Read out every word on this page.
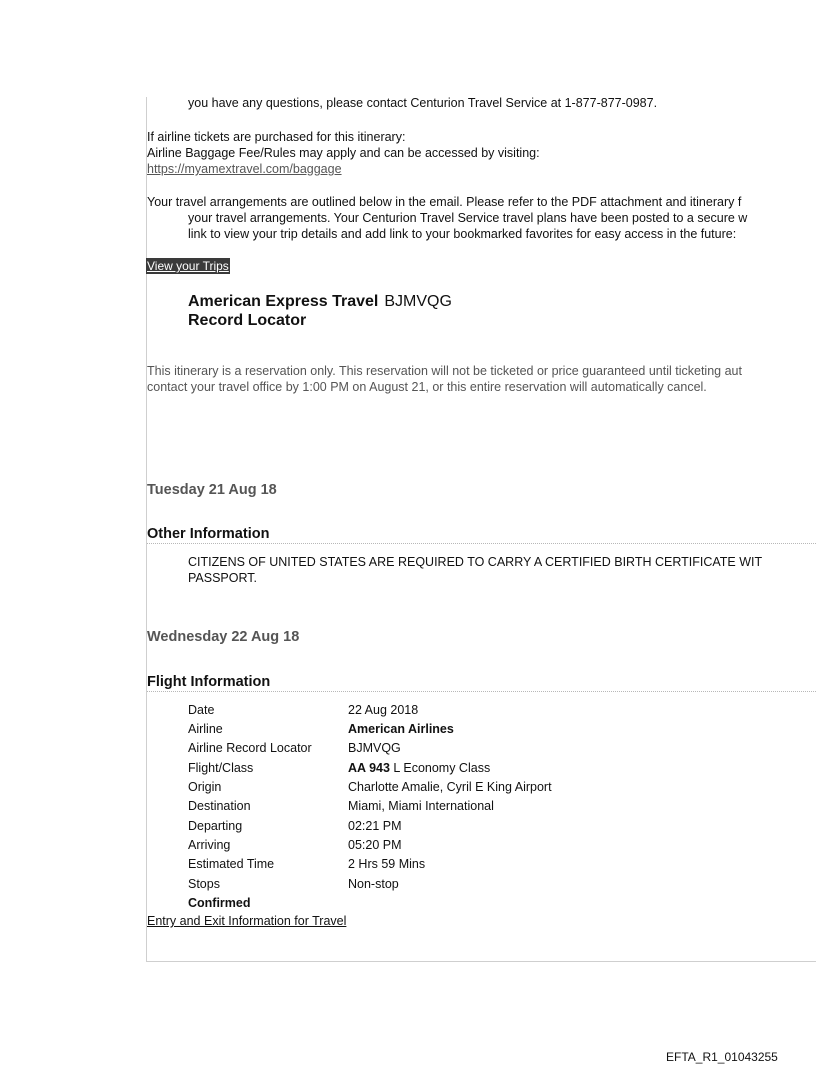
you have any questions, please contact Centurion Travel Service at 1-877-877-0987.
If airline tickets are purchased for this itinerary:
Airline Baggage Fee/Rules may apply and can be accessed by visiting:
https://myamextravel.com/baggage
Your travel arrangements are outlined below in the email. Please refer to the PDF attachment and itinerary f
your travel arrangements. Your Centurion Travel Service travel plans have been posted to a secure w
link to view your trip details and add link to your bookmarked favorites for easy access in the future:
View your Trips
American Express Travel BJMVQG
Record Locator
This itinerary is a reservation only. This reservation will not be ticketed or price guaranteed until ticketing aut
contact your travel office by 1:00 PM on August 21, or this entire reservation will automatically cancel.
Tuesday 21 Aug 18
Other Information
CITIZENS OF UNITED STATES ARE REQUIRED TO CARRY A CERTIFIED BIRTH CERTIFICATE WIT
PASSPORT.
Wednesday 22 Aug 18
Flight Information
Date	22 Aug 2018
Airline	American Airlines
Airline Record Locator	BJMVQG
Flight/Class	AA 943 L Economy Class
Origin	Charlotte Amalie, Cyril E King Airport
Destination	Miami, Miami International
Departing	02:21 PM
Arriving	05:20 PM
Estimated Time	2 Hrs 59 Mins
Stops	Non-stop
Confirmed
Entry and Exit Information for Travel
EFTA_R1_01043255
